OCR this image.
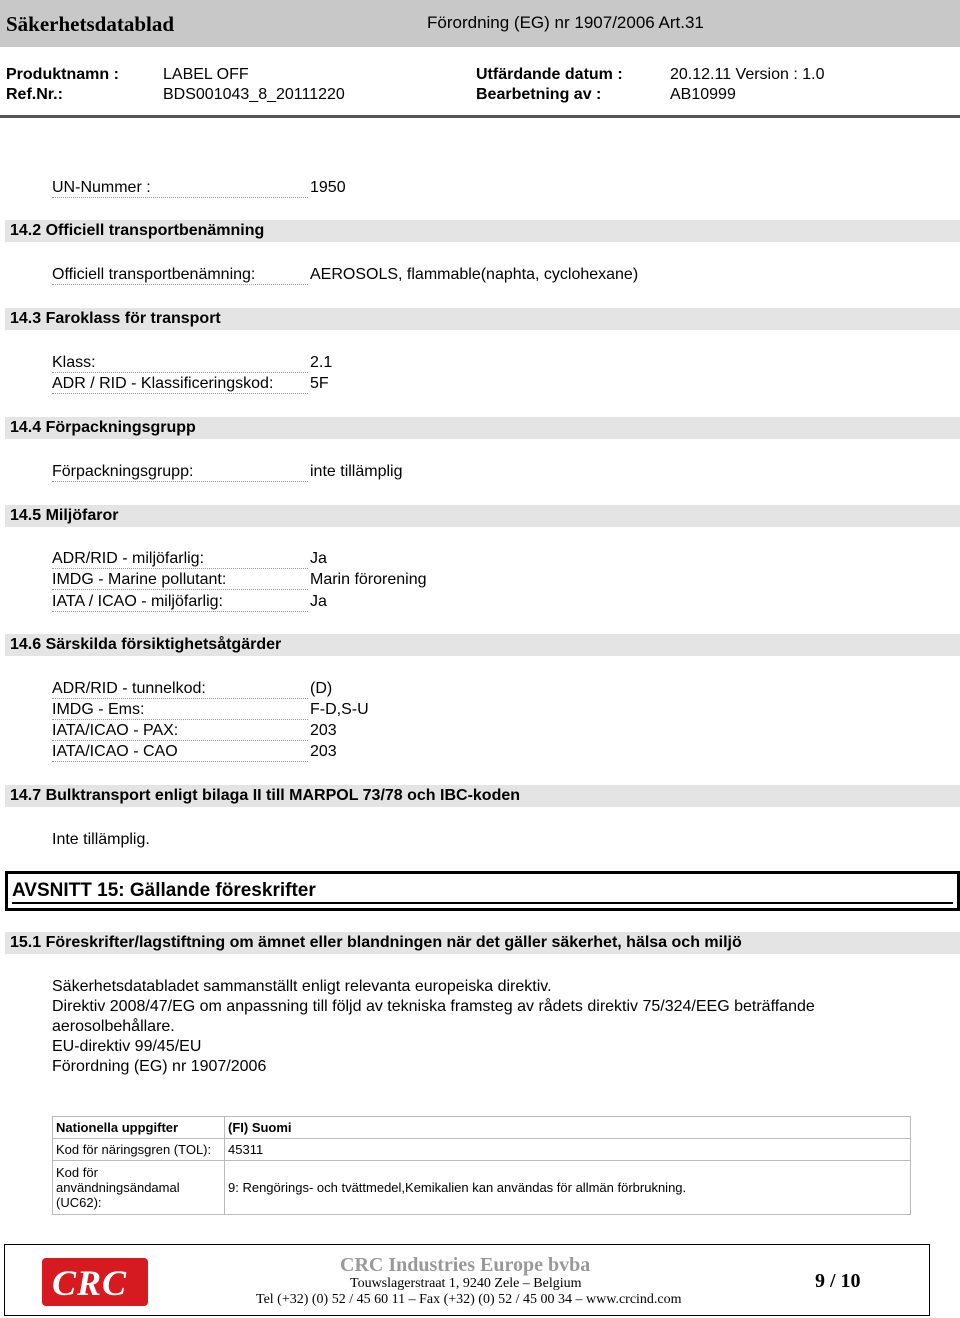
Säkerhetsdatablad	Förordning (EG) nr 1907/2006 Art.31
Produktnamn :	LABEL OFF	Utfärdande datum :	20.12.11 Version : 1.0
Ref.Nr.:	BDS001043_8_20111220	Bearbetning av :	AB10999
UN-Nummer :	1950
14.2 Officiell transportbenämning
Officiell transportbenämning:	AEROSOLS, flammable(naphta, cyclohexane)
14.3 Faroklass för transport
Klass:	2.1
ADR / RID - Klassificeringskod:	5F
14.4 Förpackningsgrupp
Förpackningsgrupp:	inte tillämplig
14.5 Miljöfaror
ADR/RID - miljöfarlig:	Ja
IMDG - Marine pollutant:	Marin förorening
IATA / ICAO - miljöfarlig:	Ja
14.6 Särskilda försiktighetsåtgärder
ADR/RID - tunnelkod:	(D)
IMDG - Ems:	F-D,S-U
IATA/ICAO - PAX:	203
IATA/ICAO - CAO	203
14.7 Bulktransport enligt bilaga II till MARPOL 73/78 och IBC-koden
Inte tillämplig.
AVSNITT 15: Gällande föreskrifter
15.1 Föreskrifter/lagstiftning om ämnet eller blandningen när det gäller säkerhet, hälsa och miljö
Säkerhetsdatabladet sammanställt enligt relevanta europeiska direktiv.
Direktiv 2008/47/EG om anpassning till följd av tekniska framsteg av rådets direktiv 75/324/EEG beträffande
aerosolbehållare.
EU-direktiv 99/45/EU
Förordning (EG) nr 1907/2006
Nationella uppgifter	(FI) Suomi
Kod för näringsgren (TOL):	45311

Kod för användningsändamal (UC62):	9: Rengörings- och tvättmedel,Kemikalien kan användas för allmän förbrukning.
CRC	CRC Industries Europe bvba
Touwslagerstraat 1, 9240 Zele – Belgium
Tel (+32) (0) 52 / 45 60 11 – Fax (+32) (0) 52 / 45 00 34 – www.crcind.com
9 / 10
